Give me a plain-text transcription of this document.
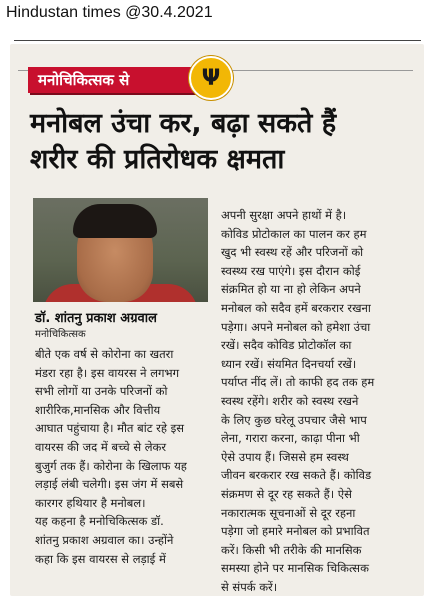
Hindustan times @30.4.2021
मनोचिकित्सक से	Ψ
मनोबल उंचा कर, बढ़ा सकते हैं
शरीर की प्रतिरोधक क्षमता
डॉ. शांतनु प्रकाश अग्रवाल
मनोचिकित्सक

बीते एक वर्ष से कोरोना का खतरा

मंडरा रहा है। इस वायरस ने लगभग

सभी लोगों या उनके परिजनों को

शारीरिक,मानसिक और वित्तीय

आघात पहुंचाया है। मौत बांट रहे इस

वायरस की जद में बच्चे से लेकर

बुजुर्ग तक हैं। कोरोना के खिलाफ यह

लड़ाई लंबी चलेगी। इस जंग में सबसे

कारगर हथियार है मनोबल।

यह कहना है मनोचिकित्सक डॉ.

शांतनु प्रकाश अग्रवाल का। उन्होंने

कहा कि इस वायरस से लड़ाई में

अपनी सुरक्षा अपने हाथों में है।

कोविड प्रोटोकाल का पालन कर हम

खुद भी स्वस्थ रहें और परिजनों को

स्वस्थ्य रख पाएंगे। इस दौरान कोई

संक्रमित हो या ना हो लेकिन अपने

मनोबल को सदैव हमें बरकरार रखना

पड़ेगा। अपने मनोबल को हमेशा उंचा

रखें। सदैव कोविड प्रोटोकॉल का

ध्यान रखें। संयमित दिनचर्या रखें।

पर्याप्त नींद लें। तो काफी हद तक हम

स्वस्थ रहेंगे। शरीर को स्वस्थ रखने

के लिए कुछ घरेलू उपचार जैसे भाप

लेना, गरारा करना, काढ़ा पीना भी

ऐसे उपाय हैं। जिससे हम स्वस्थ

जीवन बरकरार रख सकते हैं। कोविड

संक्रमण से दूर रह सकते हैं। ऐसे

नकारात्मक सूचनाओं से दूर रहना

पड़ेगा जो हमारे मनोबल को प्रभावित

करें। किसी भी तरीके की मानसिक

समस्या होने पर मानसिक चिकित्सक

से संपर्क करें।
